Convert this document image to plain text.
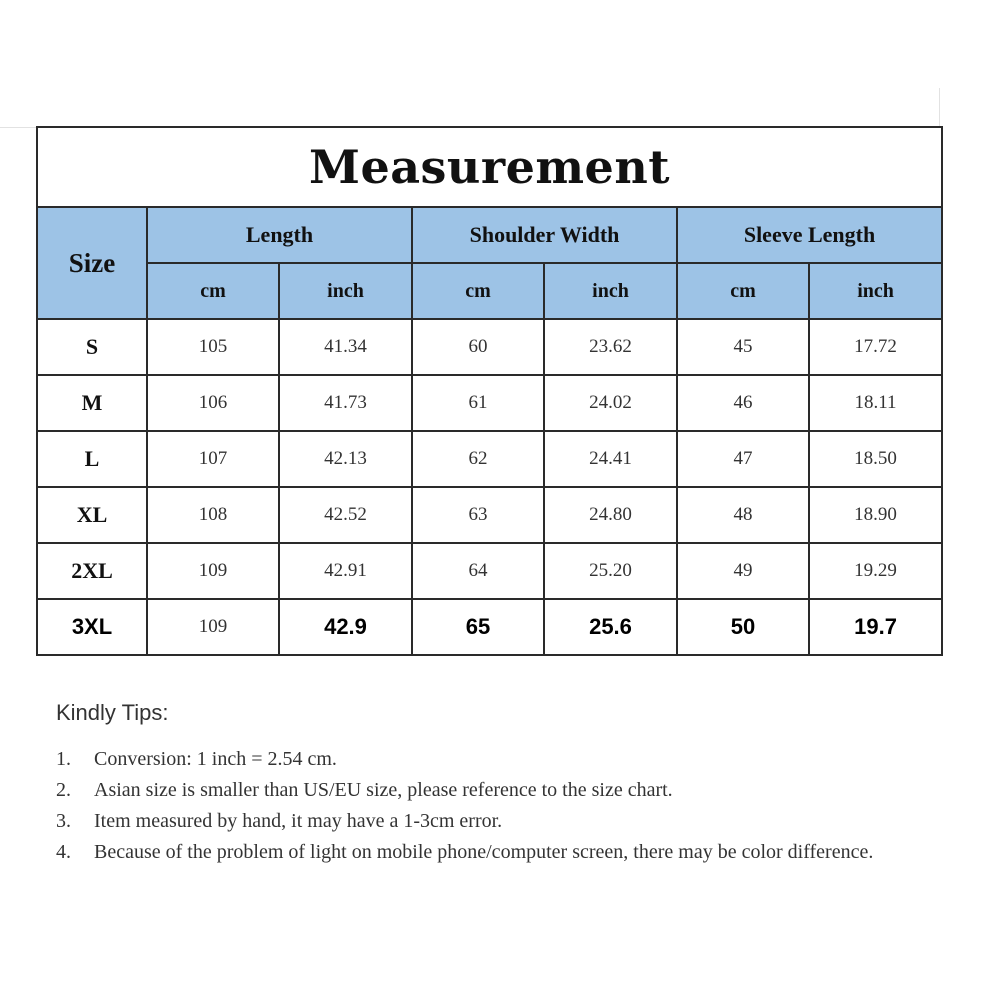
Measurement						
Size	Length		Shoulder Width		Sleeve Length	
	cm	inch	cm	inch	cm	inch
S	105	41.34	60	23.62	45	17.72
M	106	41.73	61	24.02	46	18.11
L	107	42.13	62	24.41	47	18.50
XL	108	42.52	63	24.80	48	18.90
2XL	109	42.91	64	25.20	49	19.29
3XL	109	42.9	65	25.6	50	19.7

Kindly Tips:

1.	Conversion: 1 inch = 2.54 cm.
2.	Asian size is smaller than US/EU size, please reference to the size chart.
3.	Item measured by hand, it may have a 1-3cm error.
4.	Because of the problem of light on mobile phone/computer screen, there may be color difference.
